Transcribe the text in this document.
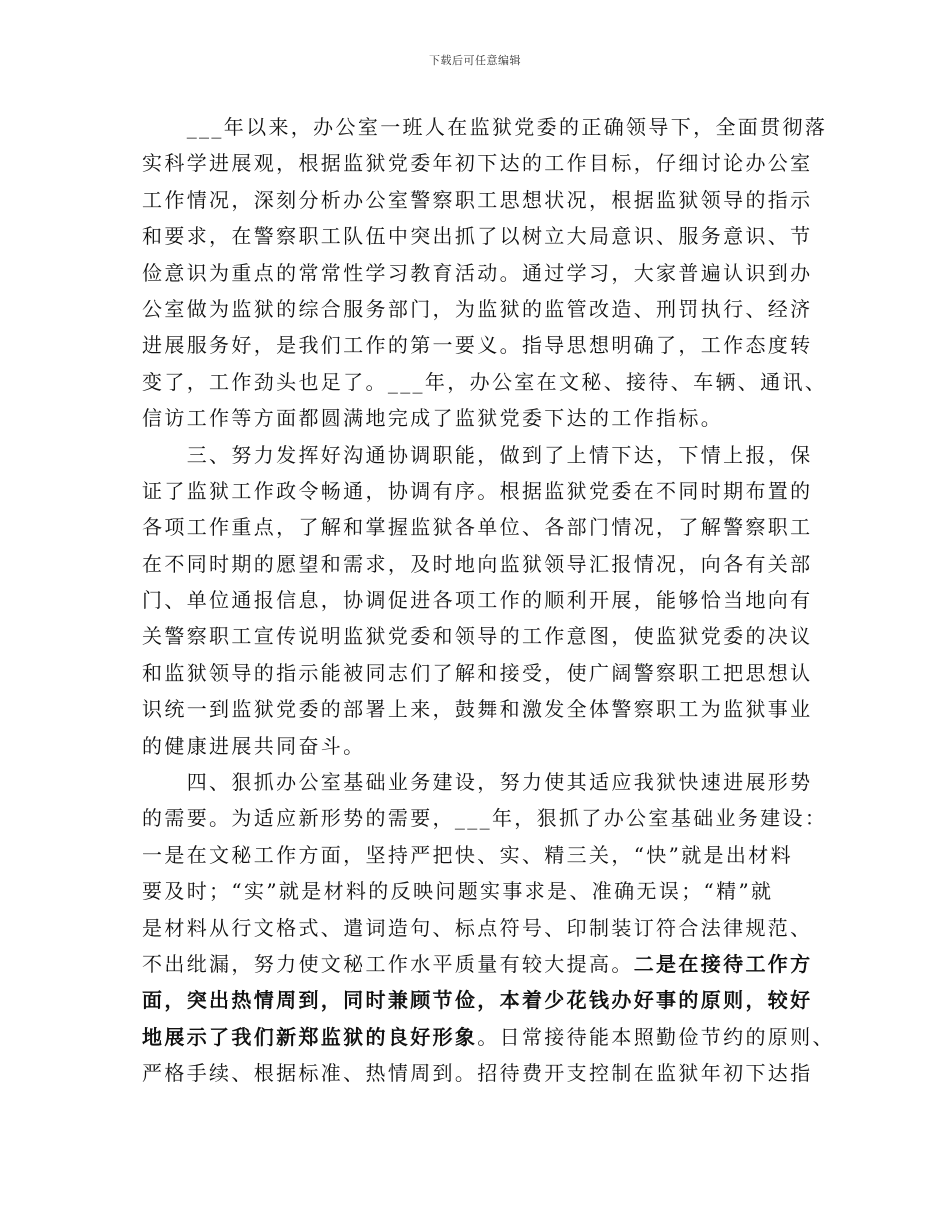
下载后可任意编辑
　　___年以来，办公室一班人在监狱党委的正确领导下，全面贯彻落
实科学进展观，根据监狱党委年初下达的工作目标，仔细讨论办公室
工作情况，深刻分析办公室警察职工思想状况，根据监狱领导的指示
和要求，在警察职工队伍中突出抓了以树立大局意识、服务意识、节
俭意识为重点的常常性学习教育活动。通过学习，大家普遍认识到办
公室做为监狱的综合服务部门，为监狱的监管改造、刑罚执行、经济
进展服务好，是我们工作的第一要义。指导思想明确了，工作态度转
变了，工作劲头也足了。___年，办公室在文秘、接待、车辆、通讯、
信访工作等方面都圆满地完成了监狱党委下达的工作指标。
　　三、努力发挥好沟通协调职能，做到了上情下达，下情上报，保
证了监狱工作政令畅通，协调有序。根据监狱党委在不同时期布置的
各项工作重点，了解和掌握监狱各单位、各部门情况，了解警察职工
在不同时期的愿望和需求，及时地向监狱领导汇报情况，向各有关部
门、单位通报信息，协调促进各项工作的顺利开展，能够恰当地向有
关警察职工宣传说明监狱党委和领导的工作意图，使监狱党委的决议
和监狱领导的指示能被同志们了解和接受，使广阔警察职工把思想认
识统一到监狱党委的部署上来，鼓舞和激发全体警察职工为监狱事业
的健康进展共同奋斗。
　　四、狠抓办公室基础业务建设，努力使其适应我狱快速进展形势
的需要。为适应新形势的需要，___年，狠抓了办公室基础业务建设：
一是在文秘工作方面，坚持严把快、实、精三关，“快”就是出材料
要及时；“实”就是材料的反映问题实事求是、准确无误；“精”就
是材料从行文格式、遣词造句、标点符号、印制装订符合法律规范、
不出纰漏，努力使文秘工作水平质量有较大提高。二是在接待工作方
面，突出热情周到，同时兼顾节俭，本着少花钱办好事的原则，较好
地展示了我们新郑监狱的良好形象。日常接待能本照勤俭节约的原则、
严格手续、根据标准、热情周到。招待费开支控制在监狱年初下达指
